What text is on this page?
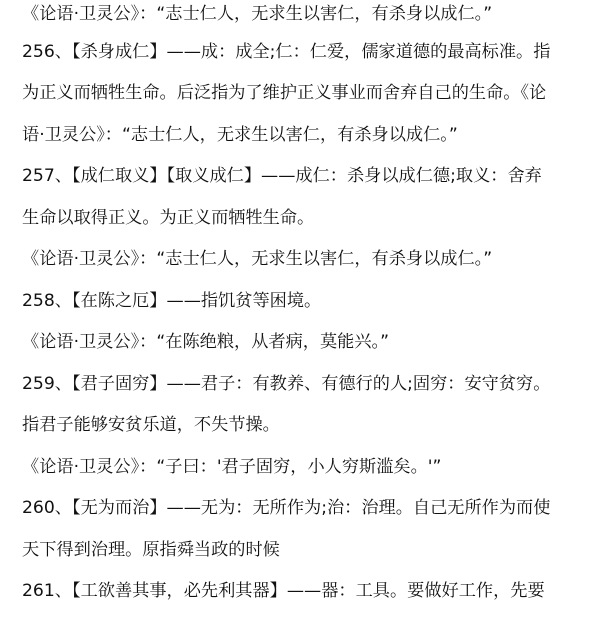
《论语·卫灵公》：“志士仁人，无求生以害仁，有杀身以成仁。”
256、【杀身成仁】——成：成全;仁：仁爱，儒家道德的最高标准。指
为正义而牺牲生命。后泛指为了维护正义事业而舍弃自己的生命。《论
语·卫灵公》：“志士仁人，无求生以害仁，有杀身以成仁。”
257、【成仁取义】【取义成仁】——成仁：杀身以成仁德;取义：舍弃
生命以取得正义。为正义而牺牲生命。
《论语·卫灵公》：“志士仁人，无求生以害仁，有杀身以成仁。”
258、【在陈之厄】——指饥贫等困境。
《论语·卫灵公》：“在陈绝粮，从者病，莫能兴。”
259、【君子固穷】——君子：有教养、有德行的人;固穷：安守贫穷。
指君子能够安贫乐道，不失节操。
《论语·卫灵公》：“子曰：'君子固穷，小人穷斯滥矣。'”
260、【无为而治】——无为：无所作为;治：治理。自己无所作为而使
天下得到治理。原指舜当政的时候
261、【工欲善其事，必先利其器】——器：工具。要做好工作，先要
